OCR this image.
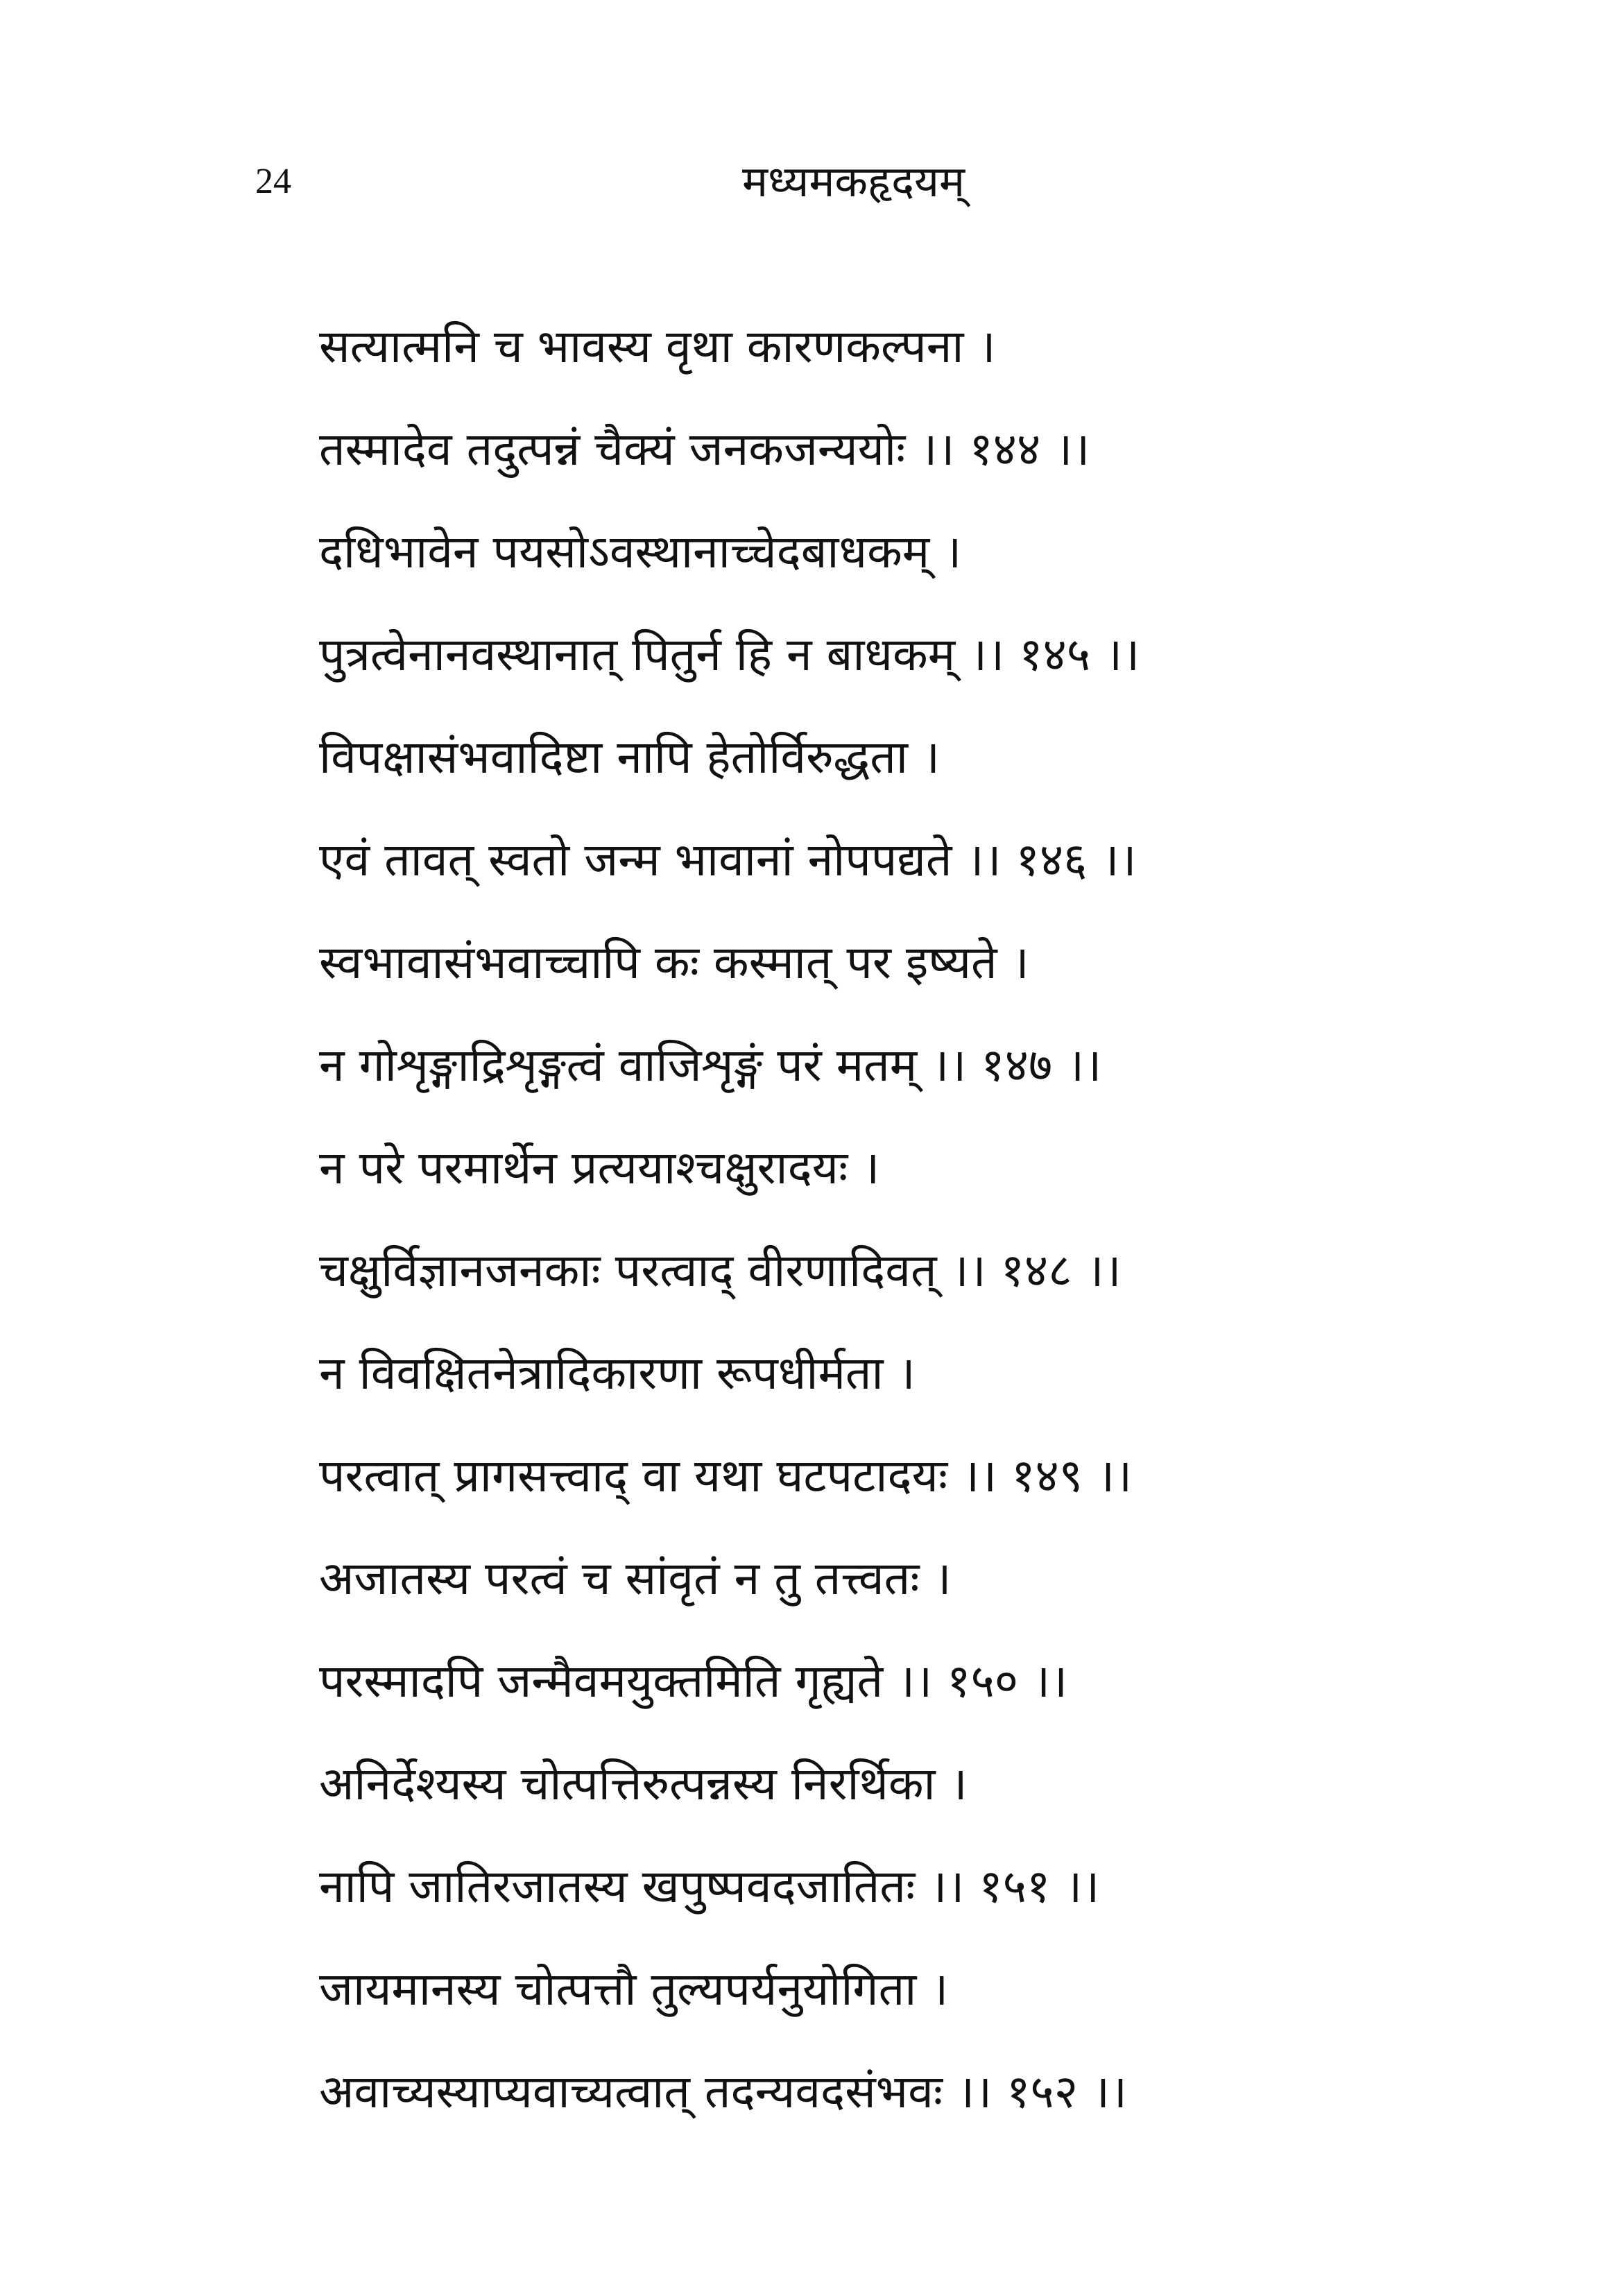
24	मध्यमकहृदयम्
सत्यात्मनि च भावस्य वृथा कारणकल्पना ।
तस्मादेव तदुत्पन्नं चैक्यं जनकजन्ययोः ।। १४४ ।।
दधिभावेन पयसोऽवस्थानाच्चेदबाधकम् ।
पुत्रत्वेनानवस्थानात् पितुर्न हि न बाधकम् ।। १४५ ।।
विपक्षासंभवादिष्टा नापि हेतोर्विरुद्धता ।
एवं तावत् स्वतो जन्म भावानां नोपपद्यते ।। १४६ ।।
स्वभावासंभवाच्चापि कः कस्मात् पर इष्यते ।
न गोशृङ्गाद्रिशृङ्गत्वं वाजिशृङ्गं परं मतम् ।। १४७ ।।
न परे परमार्थेन प्रत्ययाश्चक्षुरादयः ।
चक्षुर्विज्ञानजनकाः परत्वाद् वीरणादिवत् ।। १४८ ।।
न विवक्षितनेत्रादिकारणा रूपधीर्मता ।
परत्वात् प्रागसत्त्वाद् वा यथा घटपटादयः ।। १४९ ।।
अजातस्य परत्वं च सांवृतं न तु तत्त्वतः ।
परस्मादपि जन्मैवमयुक्तमिति गृह्यते ।। १५० ।।
अनिर्देश्यस्य चोत्पत्तिरुत्पन्नस्य निरर्थिका ।
नापि जातिरजातस्य खपुष्पवदजातितः ।। १५१ ।।
जायमानस्य चोत्पत्तौ तुल्यपर्यनुयोगिता ।
अवाच्यस्याप्यवाच्यत्वात् तदन्यवदसंभवः ।। १५२ ।।
